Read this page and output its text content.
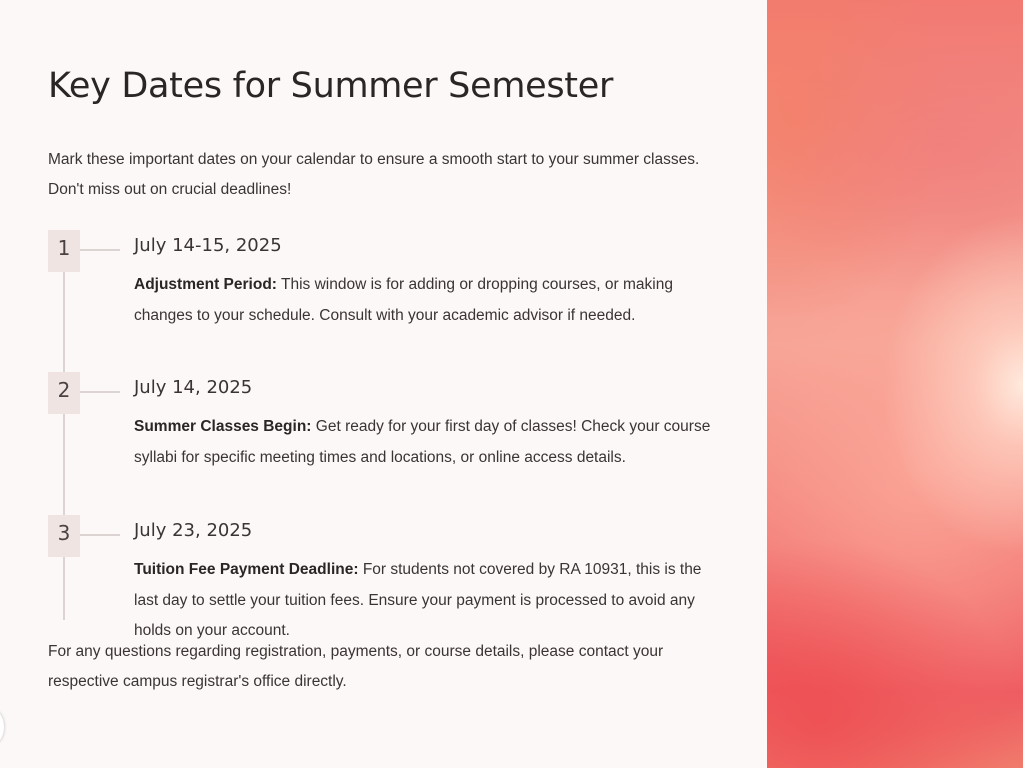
Key Dates for Summer Semester

Mark these important dates on your calendar to ensure a smooth start to your summer classes. Don't miss out on crucial deadlines!

1	July 14-15, 2025

Adjustment Period: This window is for adding or dropping courses, or making changes to your schedule. Consult with your academic advisor if needed.

2	July 14, 2025

Summer Classes Begin: Get ready for your first day of classes! Check your course syllabi for specific meeting times and locations, or online access details.

3	July 23, 2025

Tuition Fee Payment Deadline: For students not covered by RA 10931, this is the last day to settle your tuition fees. Ensure your payment is processed to avoid any holds on your account.

For any questions regarding registration, payments, or course details, please contact your respective campus registrar's office directly.
